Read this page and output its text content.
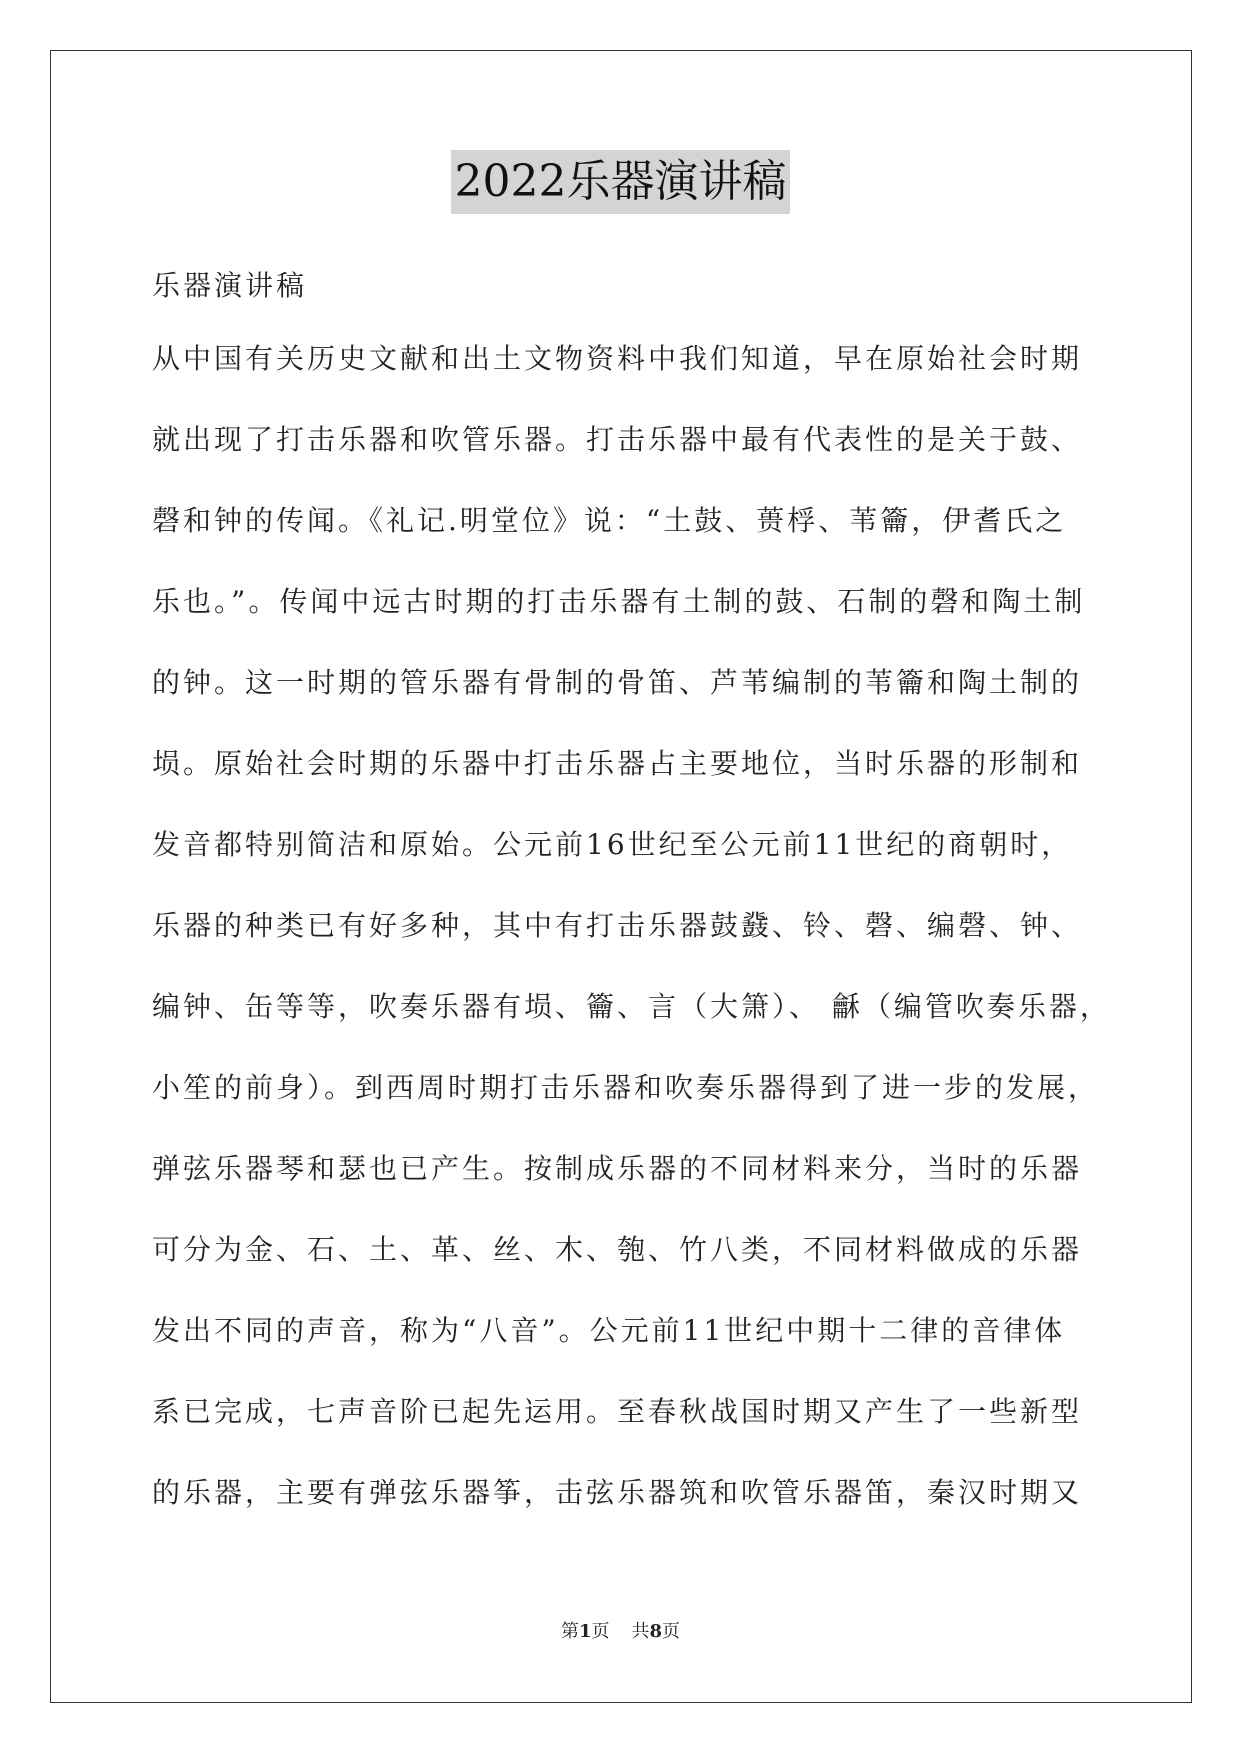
2022乐器演讲稿
乐器演讲稿
从中国有关历史文献和出土文物资料中我们知道，早在原始社会时期
就出现了打击乐器和吹管乐器。打击乐器中最有代表性的是关于鼓、
磬和钟的传闻。《礼记.明堂位》说：“土鼓、蒉桴、苇籥，伊耆氏之
乐也。”。传闻中远古时期的打击乐器有土制的鼓、石制的磬和陶土制
的钟。这一时期的管乐器有骨制的骨笛、芦苇编制的苇籥和陶土制的
埙。原始社会时期的乐器中打击乐器占主要地位，当时乐器的形制和
发音都特别简洁和原始。公元前16世纪至公元前11世纪的商朝时，
乐器的种类已有好多种，其中有打击乐器鼓鼗、铃、磬、编磬、钟、
编钟、缶等等，吹奏乐器有埙、籥、言（大箫）、 龢（编管吹奏乐器，
小笙的前身）。到西周时期打击乐器和吹奏乐器得到了进一步的发展，
弹弦乐器琴和瑟也已产生。按制成乐器的不同材料来分，当时的乐器
可分为金、石、土、革、丝、木、匏、竹八类，不同材料做成的乐器
发出不同的声音，称为“八音”。公元前11世纪中期十二律的音律体
系已完成，七声音阶已起先运用。至春秋战国时期又产生了一些新型
的乐器，主要有弹弦乐器筝，击弦乐器筑和吹管乐器笛，秦汉时期又
第1页 共8页
